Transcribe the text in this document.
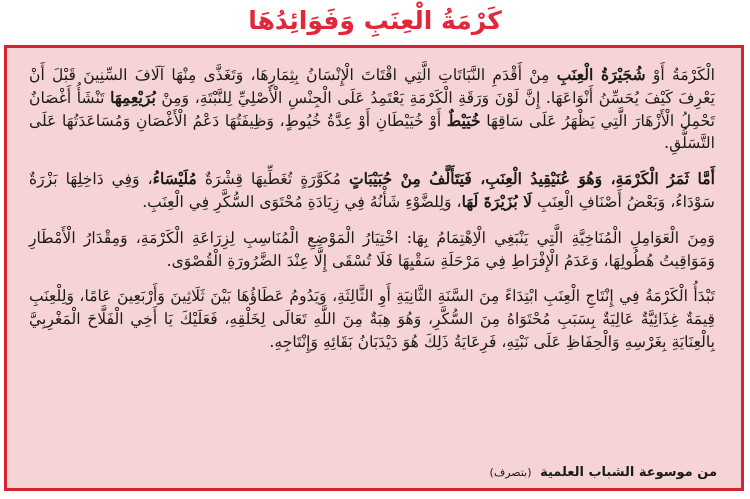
كَرْمَةُ الْعِنَبِ وَفَوَائِدُهَا

الْكَرْمَةُ أَوْ شُجَيْرَةُ الْعِنَبِ مِنْ أَقْدَمِ النَّبَاتَاتِ الَّتِي اقْتَاتَ الْإِنْسَانُ بِثِمَارِهَا، وَتَغَذَّى مِنْهَا آلَافَ السِّنِينَ قَبْلَ أَنْ يَعْرِفَ كَيْفَ يُحَسِّنُ أَنْوَاعَهَا. إِنَّ لَوْنَ وَرَقَةِ الْكَرْمَةِ يَعْتَمِدُ عَلَى الْجِنْسِ الْأَصْلِيِّ لِلنَّبْتَةِ، وَمِنْ بُرَيْعِمِهَا تَنْشَأُ أَغْصَانٌ تَحْمِلُ الْأَزْهَارَ الَّتِي يَظْهَرُ عَلَى سَاقِهَا خُيَيْطٌ أَوْ خُيَيْطَانِ أَوْ عِدَّةُ خُيُوطٍ، وَظِيفَتُهَا دَعْمُ الْأَغْصَانِ وَمُسَاعَدَتُهَا عَلَى التَّسَلُّقِ.

أَمَّا ثَمَرُ الْكَرْمَةِ، وَهُوَ عُنَيْقِيدُ الْعِنَبِ، فَيَتَأَلَّفُ مِنْ حُبَيْبَاتٍ مُكَوَّرَةٍ تُغَطِّيهَا قِشْرَةٌ مُلَيْسَاءُ، وَفِي دَاخِلِهَا بَزْرَةٌ سَوْدَاءُ، وَبَعْضُ أَصْنَافِ الْعِنَبِ لَا بُزَيْرَةَ لَهَا، وَلِلضَّوْءِ شَأْنُهُ فِي زِيَادَةِ مُحْتَوَى السُّكَّرِ فِي الْعِنَبِ.

وَمِنَ الْعَوَامِلِ الْمُنَاخِيَّةِ الَّتِي يَنْبَغِي الْاِهْتِمَامُ بِهَا: اخْتِيَارُ الْمَوْضِعِ الْمُنَاسِبِ لِزِرَاعَةِ الْكَرْمَةِ، وَمِقْدَارُ الْأَمْطَارِ وَمَوَاقِيتُ هُطُولِهَا، وَعَدَمُ الْإِفْرَاطِ فِي مَرْحَلَةِ سَقْيِهَا فَلَا تُسْقَى إِلَّا عِنْدَ الضَّرُورَةِ الْقُصْوَى.

تَبْدَأُ الْكَرْمَةُ فِي إِنْتَاجِ الْعِنَبِ ابْتِدَاءً مِنَ السَّنَةِ الثَّانِيَةِ أَوِ الثَّالِثَةِ، وَيَدُومُ عَطَاؤُهَا بَيْنَ ثَلَاثِينَ وَأَرْبَعِينَ عَامًا، وَلِلْعِنَبِ قِيمَةٌ غِذَائِيَّةٌ عَالِيَةٌ بِسَبَبِ مُحْتَوَاهُ مِنَ السُّكَّرِ، وَهُوَ هِبَةٌ مِنَ اللَّهِ تَعَالَى لِخَلْقِهِ، فَعَلَيْكَ يَا أَخِي الْفَلَّاحَ الْمَغْرِبِيَّ بِالْعِنَايَةِ بِغَرْسِهِ وَالْحِفَاظِ عَلَى نَبْتِهِ، فَرِعَايَةُ ذَلِكَ هُوَ دَيْدَبَانُ بَقَائِهِ وَإِنْتَاجِهِ.

من موسوعة الشباب العلمية (بتصرف)
